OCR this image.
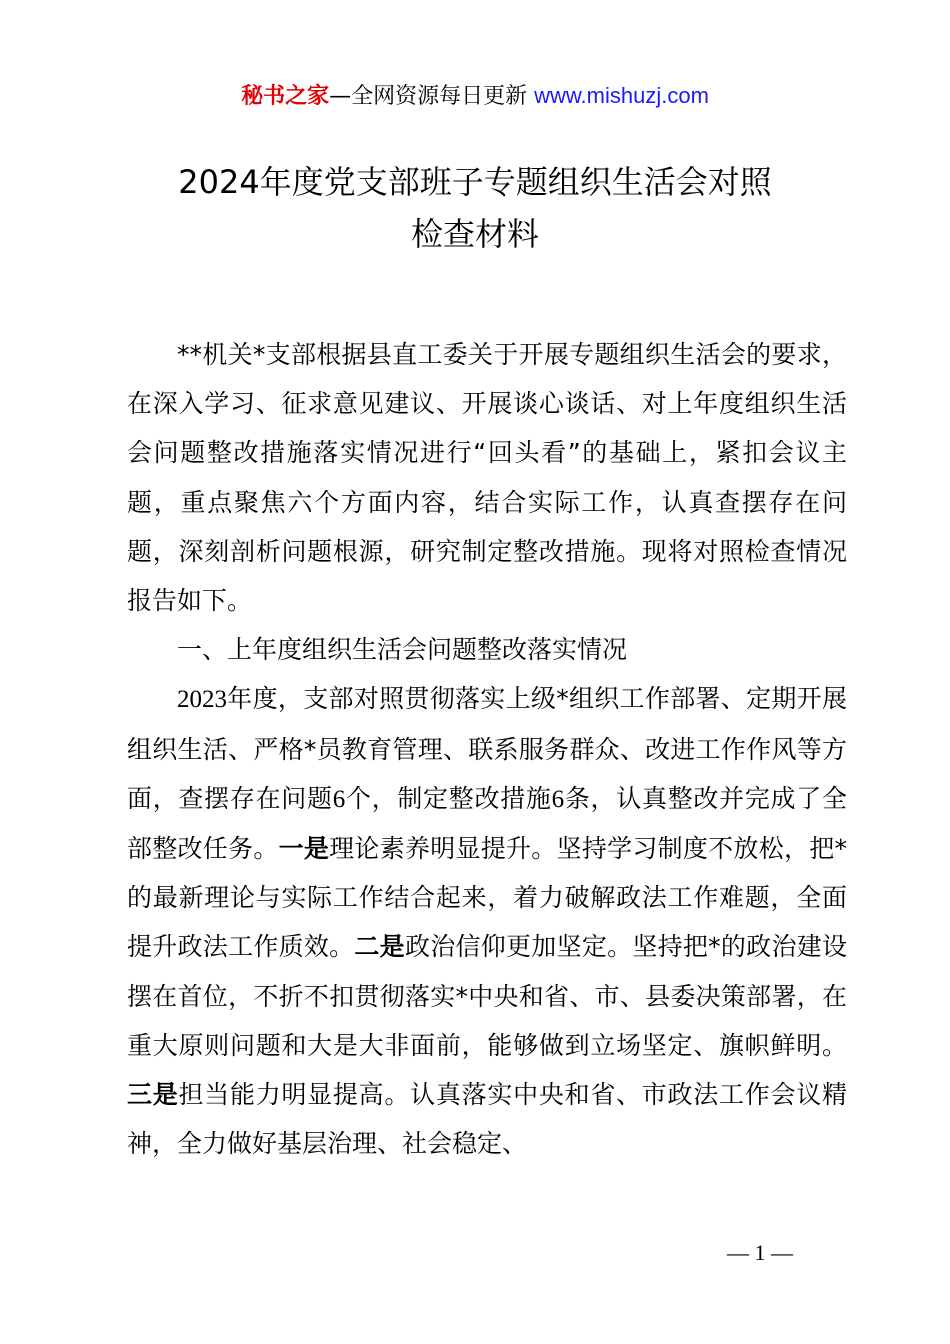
秘书之家—全网资源每日更新 www.mishuzj.com
2024年度党支部班子专题组织生活会对照
检查材料

**机关*支部根据县直工委关于开展专题组织生活会的要求，在深入学习、征求意见建议、开展谈心谈话、对上年度组织生活会问题整改措施落实情况进行“回头看”的基础上，紧扣会议主题，重点聚焦六个方面内容，结合实际工作，认真查摆存在问题，深刻剖析问题根源，研究制定整改措施。现将对照检查情况报告如下。

一、上年度组织生活会问题整改落实情况

2023年度，支部对照贯彻落实上级*组织工作部署、定期开展组织生活、严格*员教育管理、联系服务群众、改进工作作风等方面，查摆存在问题6个，制定整改措施6条，认真整改并完成了全部整改任务。一是理论素养明显提升。坚持学习制度不放松，把*的最新理论与实际工作结合起来，着力破解政法工作难题，全面提升政法工作质效。二是政治信仰更加坚定。坚持把*的政治建设摆在首位，不折不扣贯彻落实*中央和省、市、县委决策部署，在重大原则问题和大是大非面前，能够做到立场坚定、旗帜鲜明。三是担当能力明显提高。认真落实中央和省、市政法工作会议精神，全力做好基层治理、社会稳定、

— 1 —
